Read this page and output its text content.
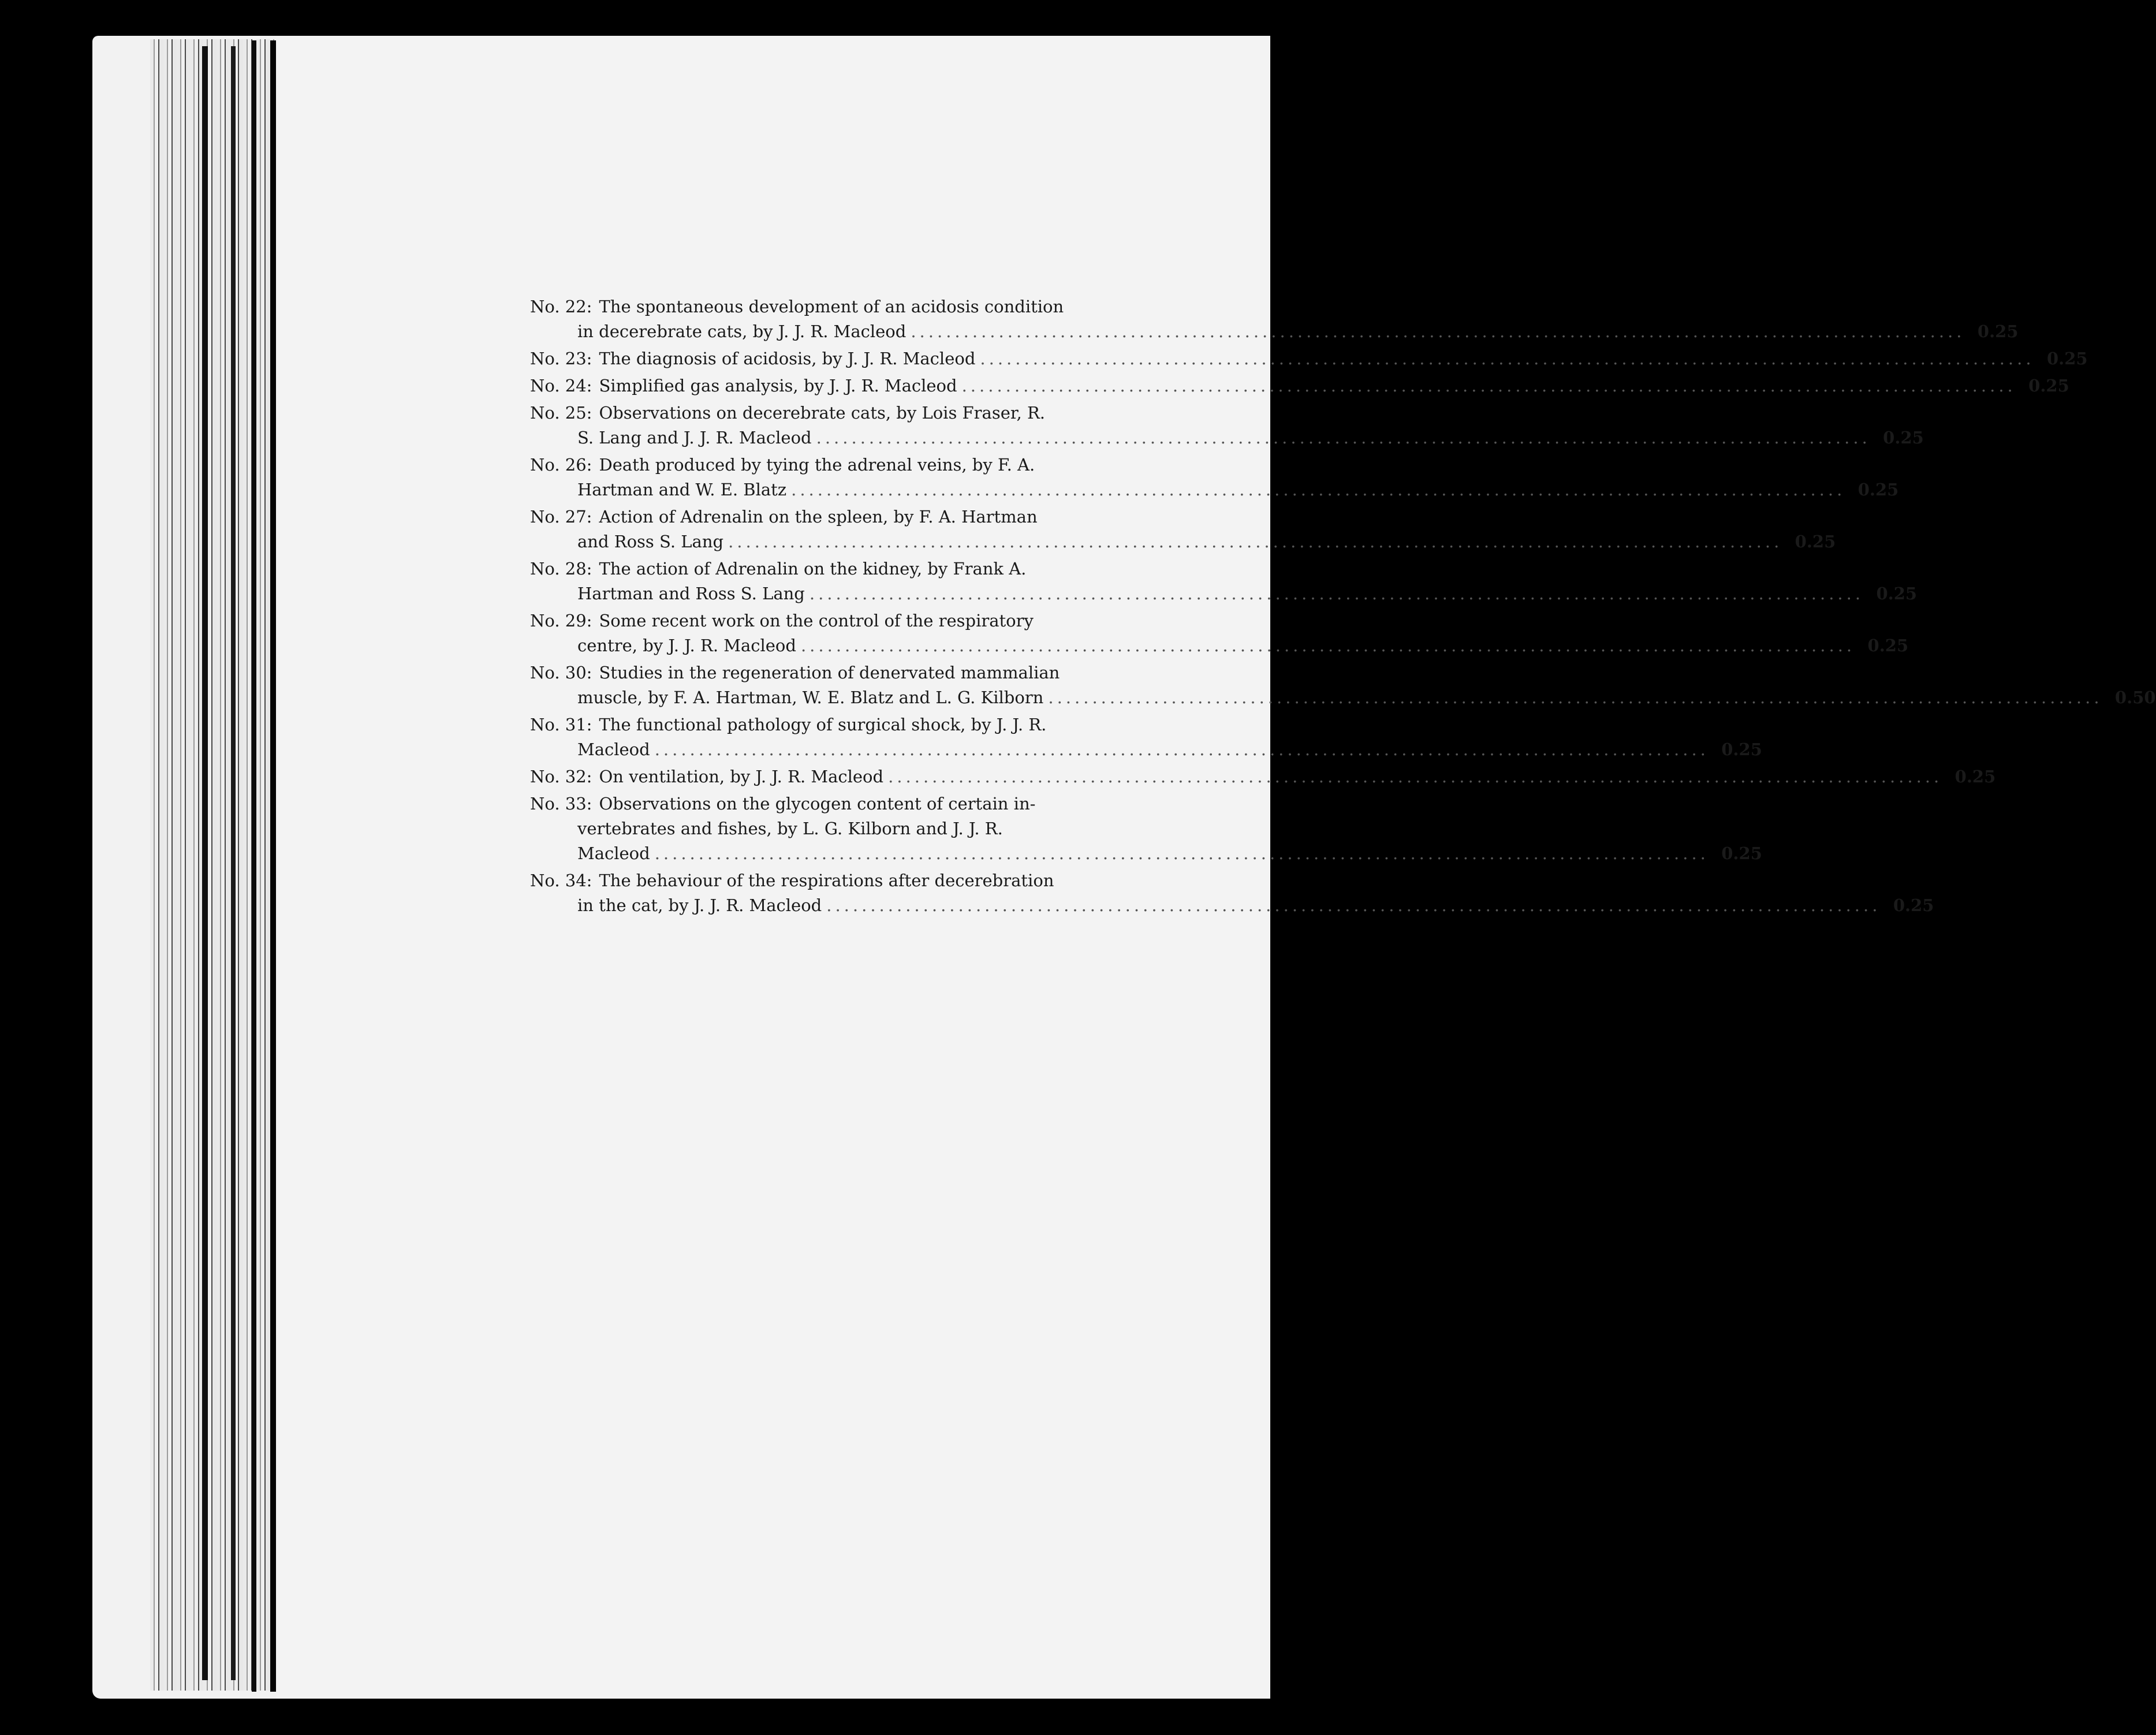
No. 22: The spontaneous development of an acidosis condition
in decerebrate cats, by J. J. R. Macleod ........................................................................................................................ 0.25
No. 23: The diagnosis of acidosis, by J. J. R. Macleod ........................................................................................................................ 0.25
No. 24: Simplified gas analysis, by J. J. R. Macleod ........................................................................................................................ 0.25
No. 25: Observations on decerebrate cats, by Lois Fraser, R.
S. Lang and J. J. R. Macleod ........................................................................................................................ 0.25
No. 26: Death produced by tying the adrenal veins, by F. A.
Hartman and W. E. Blatz ........................................................................................................................ 0.25
No. 27: Action of Adrenalin on the spleen, by F. A. Hartman
and Ross S. Lang ........................................................................................................................ 0.25
No. 28: The action of Adrenalin on the kidney, by Frank A.
Hartman and Ross S. Lang ........................................................................................................................ 0.25
No. 29: Some recent work on the control of the respiratory
centre, by J. J. R. Macleod ........................................................................................................................ 0.25
No. 30: Studies in the regeneration of denervated mammalian
muscle, by F. A. Hartman, W. E. Blatz and L. G. Kilborn ........................................................................................................................ 0.50
No. 31: The functional pathology of surgical shock, by J. J. R.
Macleod ........................................................................................................................ 0.25
No. 32: On ventilation, by J. J. R. Macleod ........................................................................................................................ 0.25
No. 33: Observations on the glycogen content of certain in-
vertebrates and fishes, by L. G. Kilborn and J. J. R.
Macleod ........................................................................................................................ 0.25
No. 34: The behaviour of the respirations after decerebration
in the cat, by J. J. R. Macleod ........................................................................................................................ 0.25
